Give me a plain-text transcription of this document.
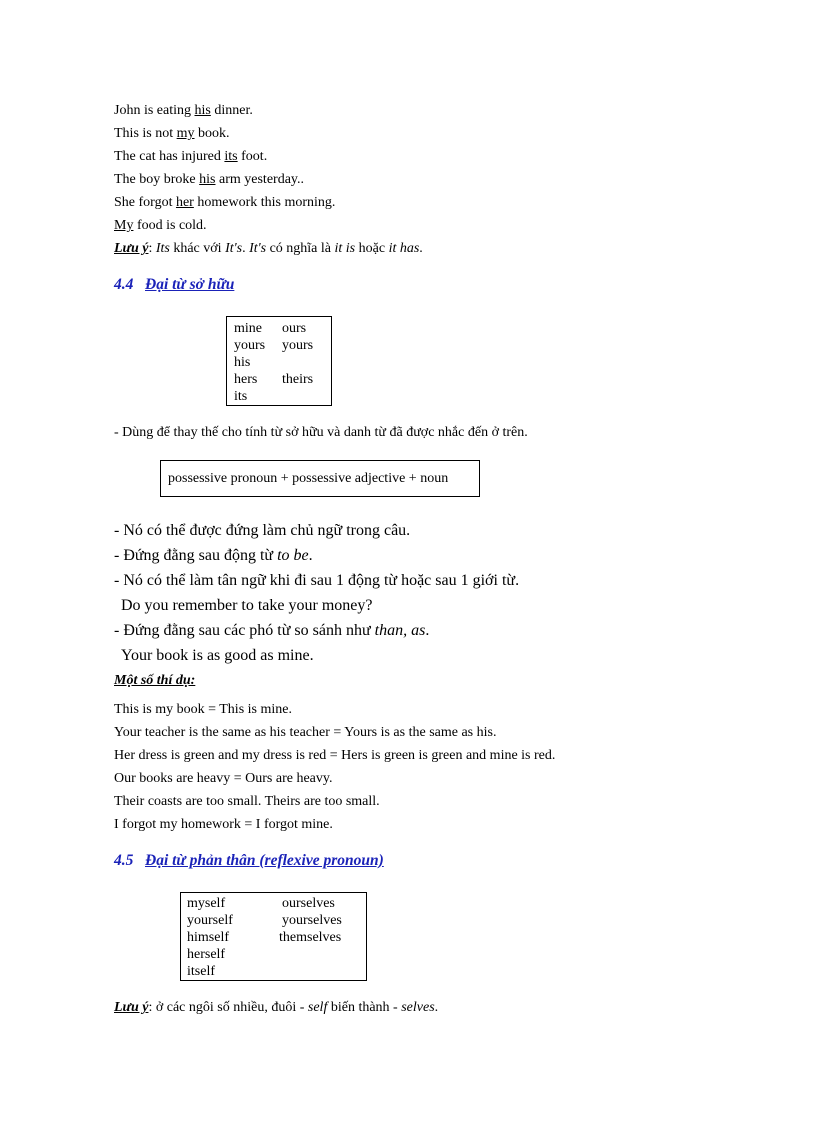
John is eating his dinner.
This is not my book.
The cat has injured its foot.
The boy broke his arm yesterday..
She forgot her homework this morning.
My food is cold.
Lưu ý: Its khác với It's. It's có nghĩa là it is hoặc it has.
4.4 Đại từ sở hữu
mine ours
yours yours
his
hers theirs
its
- Dùng để thay thế cho tính từ sở hữu và danh từ đã được nhắc đến ở trên.
possessive pronoun + possessive adjective + noun
- Nó có thể được đứng làm chủ ngữ trong câu.
- Đứng đằng sau động từ to be.
- Nó có thể làm tân ngữ khi đi sau 1 động từ hoặc sau 1 giới từ.
Do you remember to take your money?
- Đứng đằng sau các phó từ so sánh như than, as.
Your book is as good as mine.
Một số thí dụ:
This is my book = This is mine.
Your teacher is the same as his teacher = Yours is as the same as his.
Her dress is green and my dress is red = Hers is green is green and mine is red.
Our books are heavy = Ours are heavy.
Their coasts are too small. Theirs are too small.
I forgot my homework = I forgot mine.
4.5 Đại từ phản thân (reflexive pronoun)
myself	ourselves
yourself	yourselves
himself	themselves
herself
itself
Lưu ý: ở các ngôi số nhiều, đuôi - self biến thành - selves.
